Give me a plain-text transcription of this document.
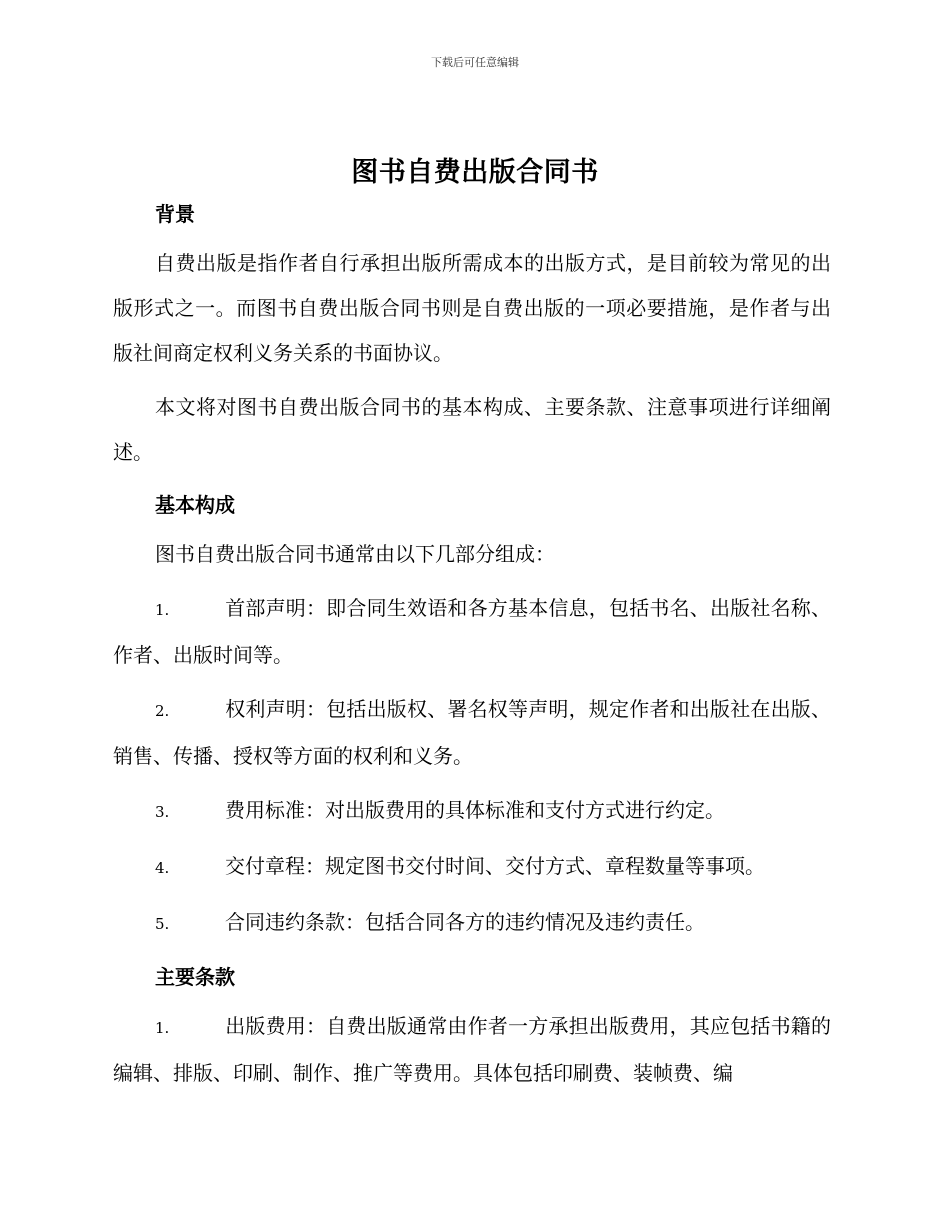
下载后可任意编辑
图书自费出版合同书
背景

自费出版是指作者自行承担出版所需成本的出版方式，是目前较为常见的出版形式之一。而图书自费出版合同书则是自费出版的一项必要措施，是作者与出版社间商定权利义务关系的书面协议。

本文将对图书自费出版合同书的基本构成、主要条款、注意事项进行详细阐述。

基本构成

图书自费出版合同书通常由以下几部分组成：

1.	首部声明：即合同生效语和各方基本信息，包括书名、出版社名称、作者、出版时间等。

2.	权利声明：包括出版权、署名权等声明，规定作者和出版社在出版、销售、传播、授权等方面的权利和义务。

3.	费用标准：对出版费用的具体标准和支付方式进行约定。

4.	交付章程：规定图书交付时间、交付方式、章程数量等事项。

5.	合同违约条款：包括合同各方的违约情况及违约责任。

主要条款

1.	出版费用：自费出版通常由作者一方承担出版费用，其应包括书籍的编辑、排版、印刷、制作、推广等费用。具体包括印刷费、装帧费、编
